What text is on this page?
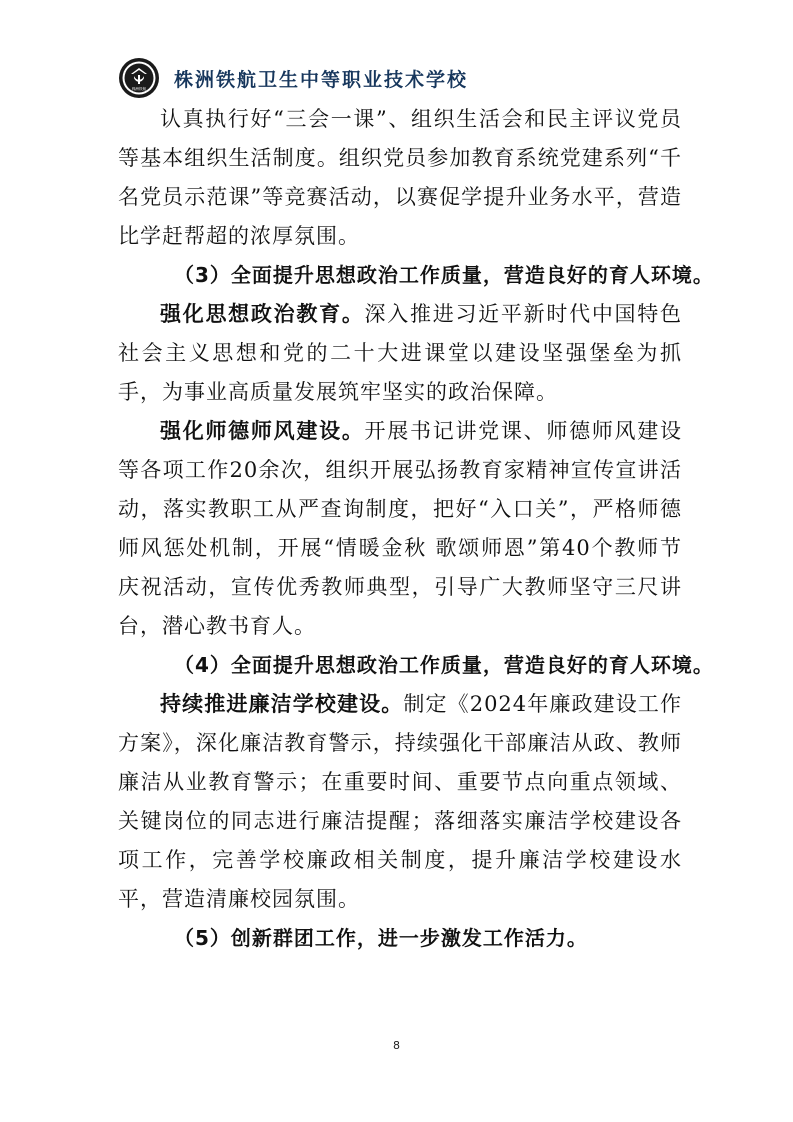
株洲铁航 株洲铁航卫生中等职业技术学校

认真执行好“三会一课”、组织生活会和民主评议党员等基本组织生活制度。组织党员参加教育系统党建系列“千名党员示范课”等竞赛活动，以赛促学提升业务水平，营造比学赶帮超的浓厚氛围。

（3）全面提升思想政治工作质量，营造良好的育人环境。

强化思想政治教育。深入推进习近平新时代中国特色社会主义思想和党的二十大进课堂以建设坚强堡垒为抓手，为事业高质量发展筑牢坚实的政治保障。

强化师德师风建设。开展书记讲党课、师德师风建设等各项工作20余次，组织开展弘扬教育家精神宣传宣讲活动，落实教职工从严查询制度，把好“入口关”，严格师德师风惩处机制，开展“情暖金秋 歌颂师恩”第40个教师节庆祝活动，宣传优秀教师典型，引导广大教师坚守三尺讲台，潜心教书育人。

（4）全面提升思想政治工作质量，营造良好的育人环境。

持续推进廉洁学校建设。制定《2024年廉政建设工作方案》，深化廉洁教育警示，持续强化干部廉洁从政、教师廉洁从业教育警示；在重要时间、重要节点向重点领域、关键岗位的同志进行廉洁提醒；落细落实廉洁学校建设各项工作，完善学校廉政相关制度，提升廉洁学校建设水平，营造清廉校园氛围。

（5）创新群团工作，进一步激发工作活力。

8
